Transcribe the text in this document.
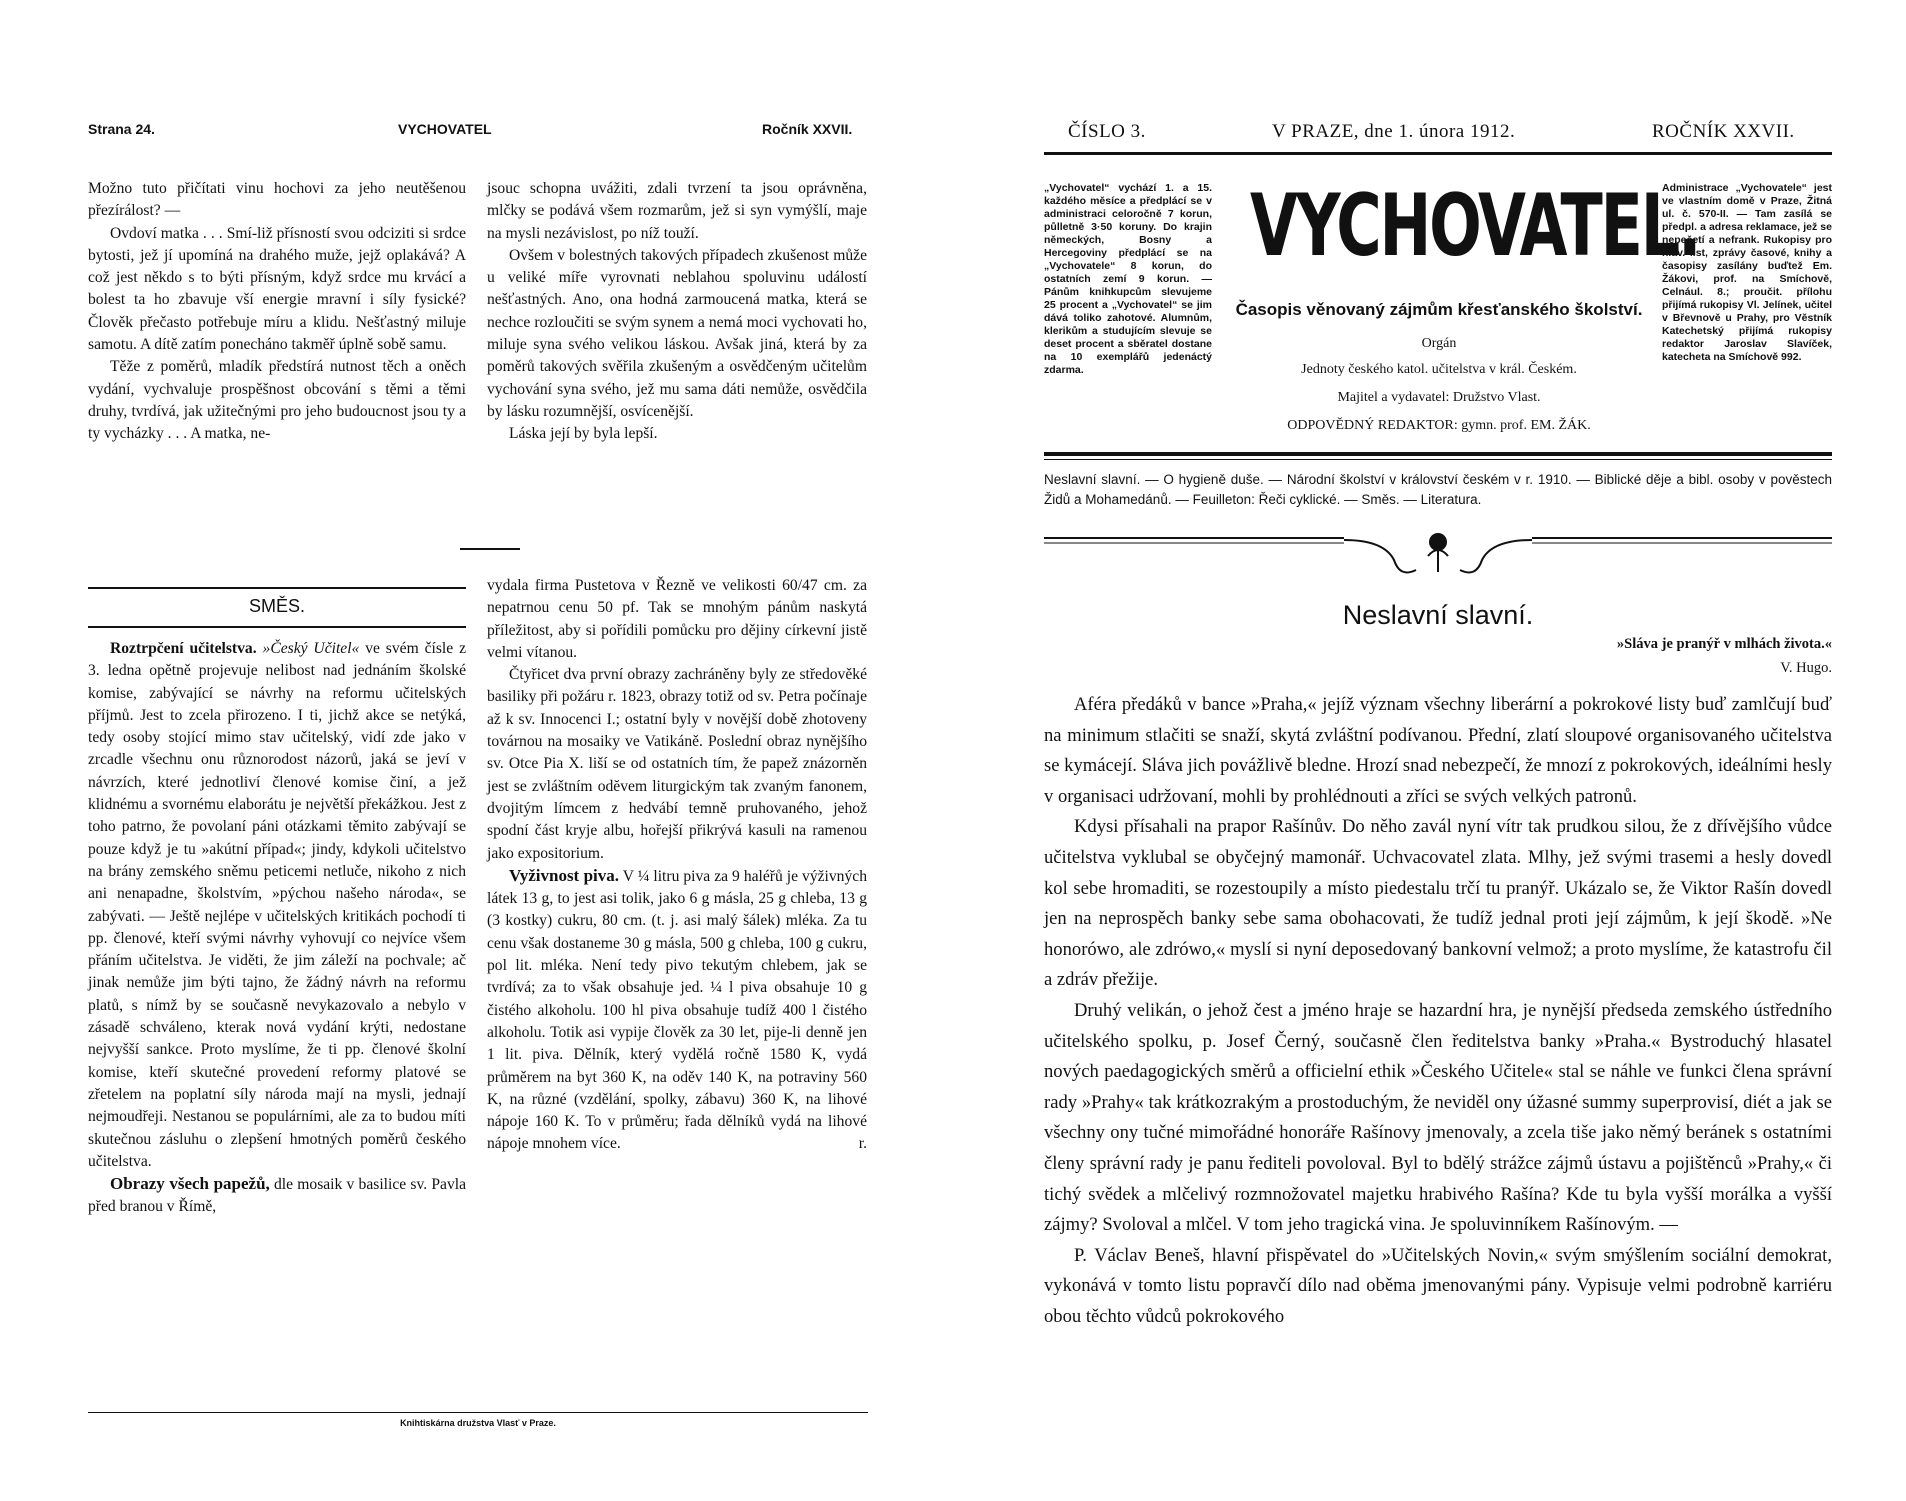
Strana 24.	VYCHOVATEL	Ročník XXVII.

Možno tuto přičítati vinu hochovi za jeho neutěšenou přezírálost? —

Ovdoví matka . . . Smí-liž přísností svou odciziti si srdce bytosti, jež jí upomíná na drahého muže, jejž oplakává? A což jest někdo s to býti přísným, když srdce mu krvácí a bolest ta ho zbavuje vší energie mravní i síly fysické? Člověk přečasto potřebuje míru a klidu. Nešťastný miluje samotu. A dítě zatím ponecháno takměř úplně sobě samu.

Těže z poměrů, mladík předstírá nutnost těch a oněch vydání, vychvaluje prospěšnost obcování s těmi a těmi druhy, tvrdívá, jak užitečnými pro jeho budoucnost jsou ty a ty vycházky . . . A matka, ne-

jsouc schopna uvážiti, zdali tvrzení ta jsou oprávněna, mlčky se podává všem rozmarům, jež si syn vymýšlí, maje na mysli nezávislost, po níž touží.

Ovšem v bolestných takových případech zkušenost může u veliké míře vyrovnati neblahou spoluvinu událostí nešťastných. Ano, ona hodná zarmoucená matka, která se nechce rozloučiti se svým synem a nemá moci vychovati ho, miluje syna svého velikou láskou. Avšak jiná, která by za poměrů takových svěřila zkušeným a osvědčeným učitelům vychování syna svého, jež mu sama dáti nemůže, osvědčila by lásku rozumnější, osvícenější.

Láska její by byla lepší.

SMĚS.

Roztrpčení učitelstva. »Český Učitel« ve svém čísle z 3. ledna opětně projevuje nelibost nad jednáním školské komise, zabývající se návrhy na reformu učitelských příjmů. Jest to zcela přirozeno. I ti, jichž akce se netýká, tedy osoby stojící mimo stav učitelský, vidí zde jako v zrcadle všechnu onu různorodost názorů, jaká se jeví v návrzích, které jednotliví členové komise činí, a jež klidnému a svornému elaborátu je největší překážkou. Jest z toho patrno, že povolaní páni otázkami těmito zabývají se pouze když je tu »akútní případ«; jindy, kdykoli učitelstvo na brány zemského sněmu peticemi netluče, nikoho z nich ani nenapadne, školstvím, »pýchou našeho národa«, se zabývati. — Ještě nejlépe v učitelských kritikách pochodí ti pp. členové, kteří svými návrhy vyhovují co nejvíce všem přáním učitelstva. Je viděti, že jim záleží na pochvale; ač jinak nemůže jim býti tajno, že žádný návrh na reformu platů, s nímž by se současně nevykazovalo a nebylo v zásadě schváleno, kterak nová vydání krýti, nedostane nejvyšší sankce. Proto myslíme, že ti pp. členové školní komise, kteří skutečné provedení reformy platové se zřetelem na poplatní síly národa mají na mysli, jednají nejmoudřeji. Nestanou se populárními, ale za to budou míti skutečnou zásluhu o zlepšení hmotných poměrů českého učitelstva.

Obrazy všech papežů, dle mosaik v basilice sv. Pavla před branou v Římě,

vydala firma Pustetova v Řezně ve velikosti 60/47 cm. za nepatrnou cenu 50 pf. Tak se mnohým pánům naskytá příležitost, aby si pořídili pomůcku pro dějiny církevní jistě velmi vítanou.

Čtyřicet dva první obrazy zachráněny byly ze středověké basiliky při požáru r. 1823, obrazy totiž od sv. Petra počínaje až k sv. Innocenci I.; ostatní byly v novější době zhotoveny továrnou na mosaiky ve Vatikáně. Poslední obraz nynějšího sv. Otce Pia X. liší se od ostatních tím, že papež znázorněn jest se zvláštním odĕvem liturgickým tak zvaným fanonem, dvojitým límcem z hedvábí temně pruhovaného, jehož spodní část kryje albu, hořejší přikrývá kasuli na ramenou jako expositorium.

Vyživnost piva. V ¼ litru piva za 9 haléřů je výživných látek 13 g, to jest asi tolik, jako 6 g másla, 25 g chleba, 13 g (3 kostky) cukru, 80 cm. (t. j. asi malý šálek) mléka. Za tu cenu však dostaneme 30 g másla, 500 g chleba, 100 g cukru, pol lit. mléka. Není tedy pivo tekutým chlebem, jak se tvrdívá; za to však obsahuje jed. ¼ l piva obsahuje 10 g čistého alkoholu. 100 hl piva obsahuje tudíž 400 l čistého alkoholu. Totik asi vypije člověk za 30 let, pije-li denně jen 1 lit. piva. Dělník, který vydělá ročně 1580 K, vydá průměrem na byt 360 K, na oděv 140 K, na potraviny 560 K, na různé (vzdělání, spolky, zábavu) 360 K, na lihové nápoje 160 K. To v průměru; řada dělníků vydá na lihové nápoje mnohem více.	r.

Knihtiskárna družstva Vlasť v Praze.
ČÍSLO 3.	V PRAZE, dne 1. února 1912.	ROČNÍK XXVII.
„Vychovatel“ vychází 1. a 15. každého měsíce a předplácí se v administraci celoročně 7 korun, půlletně 3·50 koruny. Do krajin německých, Bosny a Hercegoviny předplácí se na „Vychovatele“ 8 korun, do ostatních zemí 9 korun. — Pánům knihkupcům slevujeme 25 procent a „Vychovatel“ se jim dává toliko zahotové. Alumnům, klerikům a studujícím slevuje se deset procent a sběratel dostane na 10 exemplářů jedenáctý zdarma.
Administrace „Vychovatele“ jest ve vlastním domě v Praze, Žitná ul. č. 570-II. — Tam zasílá se předpl. a adresa reklamace, jež se nepečetí a nefrank. Rukopisy pro hlav. list, zprávy časové, knihy a časopisy zasílány buďtež Em. Žákovi, prof. na Smíchově, Celnául. 8.; proučit. přílohu přijímá rukopisy Vl. Jelínek, učitel v Břevnově u Prahy, pro Věstník Katechetský přijímá rukopisy redaktor Jaroslav Slavíček, katecheta na Smíchově 992.
VYCHOVATEL.
Časopis věnovaný zájmům křesťanského školství.
Orgán
Jednoty českého katol. učitelstva v král. Českém.
Majitel a vydavatel: Družstvo Vlast.
ODPOVĚDNÝ REDAKTOR: gymn. prof. EM. ŽÁK.
Neslavní slavní. — O hygieně duše. — Národní školství v království českém v r. 1910. — Biblické děje a bibl. osoby v pověstech Židů a Mohamedánů. — Feuilleton: Řeči cyklické. — Směs. — Literatura.
Neslavní slavní.
»Sláva je pranýř v mlhách života.«
V. Hugo.

Aféra předáků v bance »Praha,« jejíž význam všechny liberární a pokrokové listy buď zamlčují buď na minimum stlačiti se snaží, skytá zvláštní podívanou. Přední, zlatí sloupové organisovaného učitelstva se kymácejí. Sláva jich povážlivě bledne. Hrozí snad nebezpečí, že mnozí z pokrokových, ideálními hesly v organisaci udržovaní, mohli by prohlédnouti a zříci se svých velkých patronů.

Kdysi přísahali na prapor Rašínův. Do něho zavál nyní vítr tak prudkou silou, že z dřívějšího vůdce učitelstva vyklubal se obyčejný mamonář. Uchvacovatel zlata. Mlhy, jež svými trasemi a hesly dovedl kol sebe hromaditi, se rozestoupily a místo piedestalu trčí tu pranýř. Ukázalo se, že Viktor Rašín dovedl jen na neprospěch banky sebe sama obohacovati, že tudíž jednal proti její zájmům, k její škodě. »Ne honorówo, ale zdrówo,« myslí si nyní deposedovaný bankovní velmož; a proto myslíme, že katastrofu čil a zdráv přežije.

Druhý velikán, o jehož čest a jméno hraje se hazardní hra, je nynější předseda zemského ústředního učitelského spolku, p. Josef Černý, současně člen ředitelstva banky »Praha.« Bystroduchý hlasatel nových paedagogických směrů a officielní ethik »Českého Učitele« stal se náhle ve funkci člena správní rady »Prahy« tak krátkozrakým a prostoduchým, že neviděl ony úžasné summy superprovisí, diét a jak se všechny ony tučné mimořádné honoráře Rašínovy jmenovaly, a zcela tiše jako němý beránek s ostatními členy správní rady je panu řediteli povoloval. Byl to bdělý strážce zájmů ústavu a pojištěnců »Prahy,« či tichý svědek a mlčelivý rozmnožovatel majetku hrabivého Rašína? Kde tu byla vyšší morálka a vyšší zájmy? Svoloval a mlčel. V tom jeho tragická vina. Je spoluvinníkem Rašínovým. —

P. Václav Beneš, hlavní přispěvatel do »Učitelských Novin,« svým smýšlením sociální demokrat, vykonává v tomto listu popravčí dílo nad oběma jmenovanými pány. Vypisuje velmi podrobně karriéru obou těchto vůdců pokrokového
